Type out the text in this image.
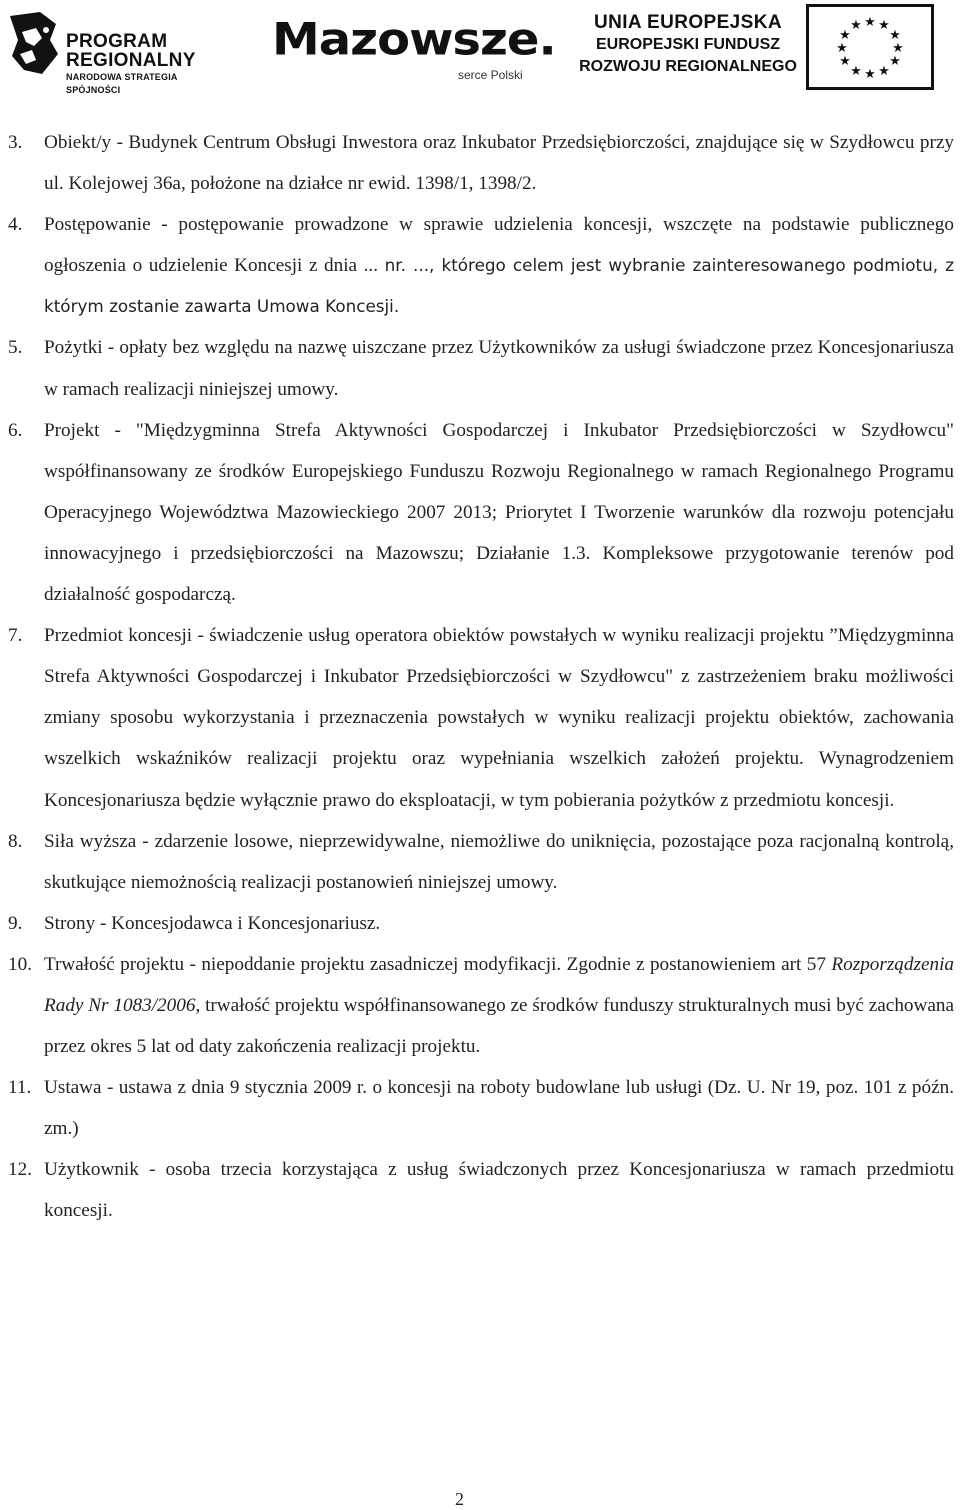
PROGRAM
REGIONALNY
NARODOWA STRATEGIA SPÓJNOŚCI
Mazowsze.
serce Polski
UNIA EUROPEJSKA
EUROPEJSKI FUNDUSZ
ROZWOJU REGIONALNEGO
★ ★
★
★
★
★
★
★
★
★
★
★
3. Obiekt/y - Budynek Centrum Obsługi Inwestora oraz Inkubator Przedsiębiorczości, znajdujące się w Szydłowcu przy ul. Kolejowej 36a, położone na działce nr ewid. 1398/1, 1398/2.
4. Postępowanie - postępowanie prowadzone w sprawie udzielenia koncesji, wszczęte na podstawie publicznego ogłoszenia o udzielenie Koncesji z dnia ... nr. ..., którego celem jest wybranie zainteresowanego podmiotu, z którym zostanie zawarta Umowa Koncesji.
5. Pożytki - opłaty bez względu na nazwę uiszczane przez Użytkowników za usługi świadczone przez Koncesjonariusza w ramach realizacji niniejszej umowy.
6. Projekt - "Międzygminna Strefa Aktywności Gospodarczej i Inkubator Przedsiębiorczości w Szydłowcu" współfinansowany ze środków Europejskiego Funduszu Rozwoju Regionalnego w ramach Regionalnego Programu Operacyjnego Województwa Mazowieckiego 2007 2013; Priorytet I Tworzenie warunków dla rozwoju potencjału innowacyjnego i przedsiębiorczości na Mazowszu; Działanie 1.3. Kompleksowe przygotowanie terenów pod działalność gospodarczą.
7. Przedmiot koncesji - świadczenie usług operatora obiektów powstałych w wyniku realizacji projektu ”Międzygminna Strefa Aktywności Gospodarczej i Inkubator Przedsiębiorczości w Szydłowcu" z zastrzeżeniem braku możliwości zmiany sposobu wykorzystania i przeznaczenia powstałych w wyniku realizacji projektu obiektów, zachowania wszelkich wskaźników realizacji projektu oraz wypełniania wszelkich założeń projektu. Wynagrodzeniem Koncesjonariusza będzie wyłącznie prawo do eksploatacji, w tym pobierania pożytków z przedmiotu koncesji.
8. Siła wyższa - zdarzenie losowe, nieprzewidywalne, niemożliwe do uniknięcia, pozostające poza racjonalną kontrolą, skutkujące niemożnością realizacji postanowień niniejszej umowy.
9. Strony - Koncesjodawca i Koncesjonariusz.
10. Trwałość projektu - niepoddanie projektu zasadniczej modyfikacji. Zgodnie z postanowieniem art 57 Rozporządzenia Rady Nr 1083/2006, trwałość projektu współfinansowanego ze środków funduszy strukturalnych musi być zachowana przez okres 5 lat od daty zakończenia realizacji projektu.
11. Ustawa - ustawa z dnia 9 stycznia 2009 r. o koncesji na roboty budowlane lub usługi (Dz. U. Nr 19, poz. 101 z późn. zm.)
12. Użytkownik - osoba trzecia korzystająca z usług świadczonych przez Koncesjonariusza w ramach przedmiotu koncesji.
2
